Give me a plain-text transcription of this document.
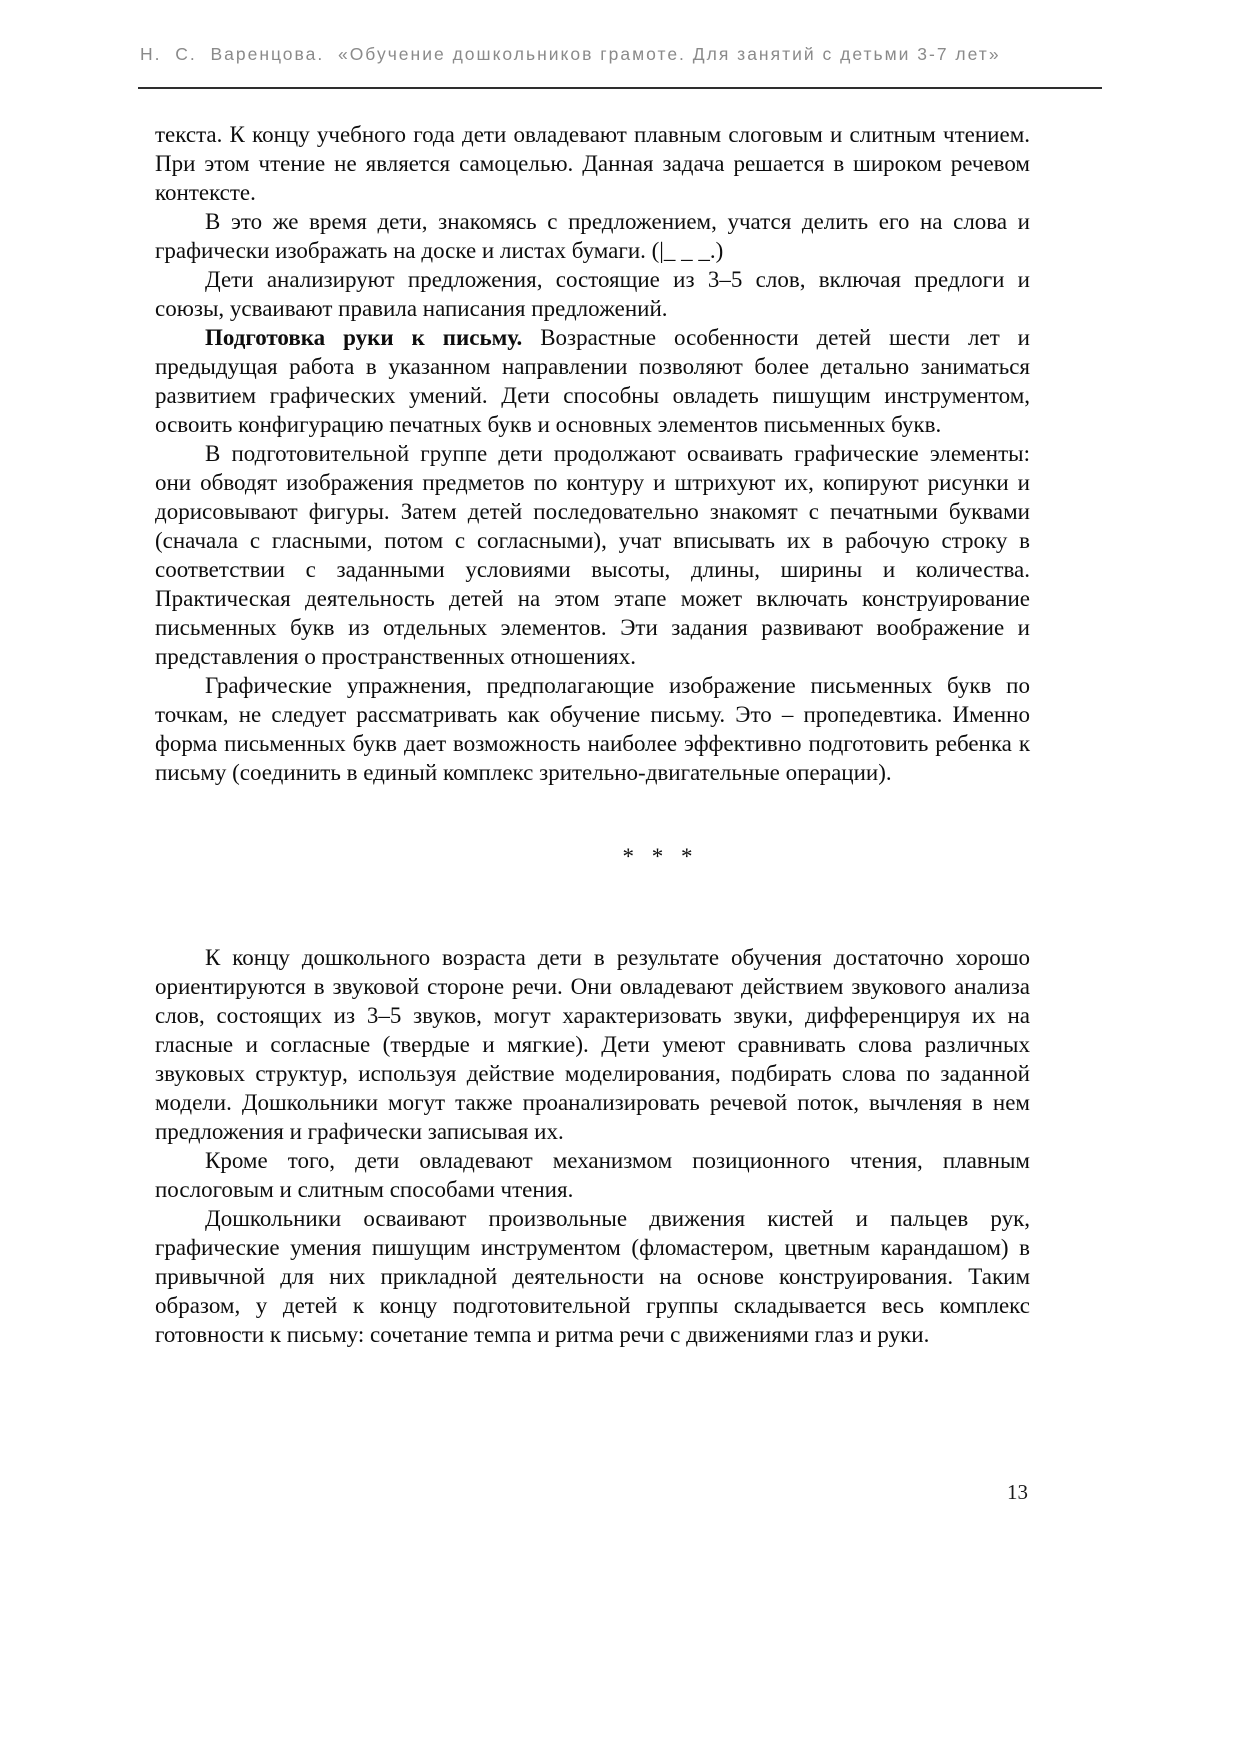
Н.  С.  Варенцова.  «Обучение дошкольников грамоте. Для занятий с детьми 3-7 лет»

текста. К концу учебного года дети овладевают плавным слоговым и слитным чтением. При этом чтение не является самоцелью. Данная задача решается в широком речевом контексте.

В это же время дети, знакомясь с предложением, учатся делить его на слова и графически изображать на доске и листах бумаги. (|_ _ _.)

Дети анализируют предложения, состоящие из 3–5 слов, включая предлоги и союзы, усваивают правила написания предложений.

Подготовка руки к письму. Возрастные особенности детей шести лет и предыдущая работа в указанном направлении позволяют более детально заниматься развитием графических умений. Дети способны овладеть пишущим инструментом, освоить конфигурацию печатных букв и основных элементов письменных букв.

В подготовительной группе дети продолжают осваивать графические элементы: они обводят изображения предметов по контуру и штрихуют их, копируют рисунки и дорисовывают фигуры. Затем детей последовательно знакомят с печатными буквами (сначала с гласными, потом с согласными), учат вписывать их в рабочую строку в соответствии с заданными условиями высоты, длины, ширины и количества. Практическая деятельность детей на этом этапе может включать конструирование письменных букв из отдельных элементов. Эти задания развивают воображение и представления о пространственных отношениях.

Графические упражнения, предполагающие изображение письменных букв по точкам, не следует рассматривать как обучение письму. Это – пропедевтика. Именно форма письменных букв дает возможность наиболее эффективно подготовить ребенка к письму (соединить в единый комплекс зрительно-двигательные операции).

* * *

К концу дошкольного возраста дети в результате обучения достаточно хорошо ориентируются в звуковой стороне речи. Они овладевают действием звукового анализа слов, состоящих из 3–5 звуков, могут характеризовать звуки, дифференцируя их на гласные и согласные (твердые и мягкие). Дети умеют сравнивать слова различных звуковых структур, используя действие моделирования, подбирать слова по заданной модели. Дошкольники могут также проанализировать речевой поток, вычленяя в нем предложения и графически записывая их.

Кроме того, дети овладевают механизмом позиционного чтения, плавным послоговым и слитным способами чтения.

Дошкольники осваивают произвольные движения кистей и пальцев рук, графические умения пишущим инструментом (фломастером, цветным карандашом) в привычной для них прикладной деятельности на основе конструирования. Таким образом, у детей к концу подготовительной группы складывается весь комплекс готовности к письму: сочетание темпа и ритма речи с движениями глаз и руки.

13
